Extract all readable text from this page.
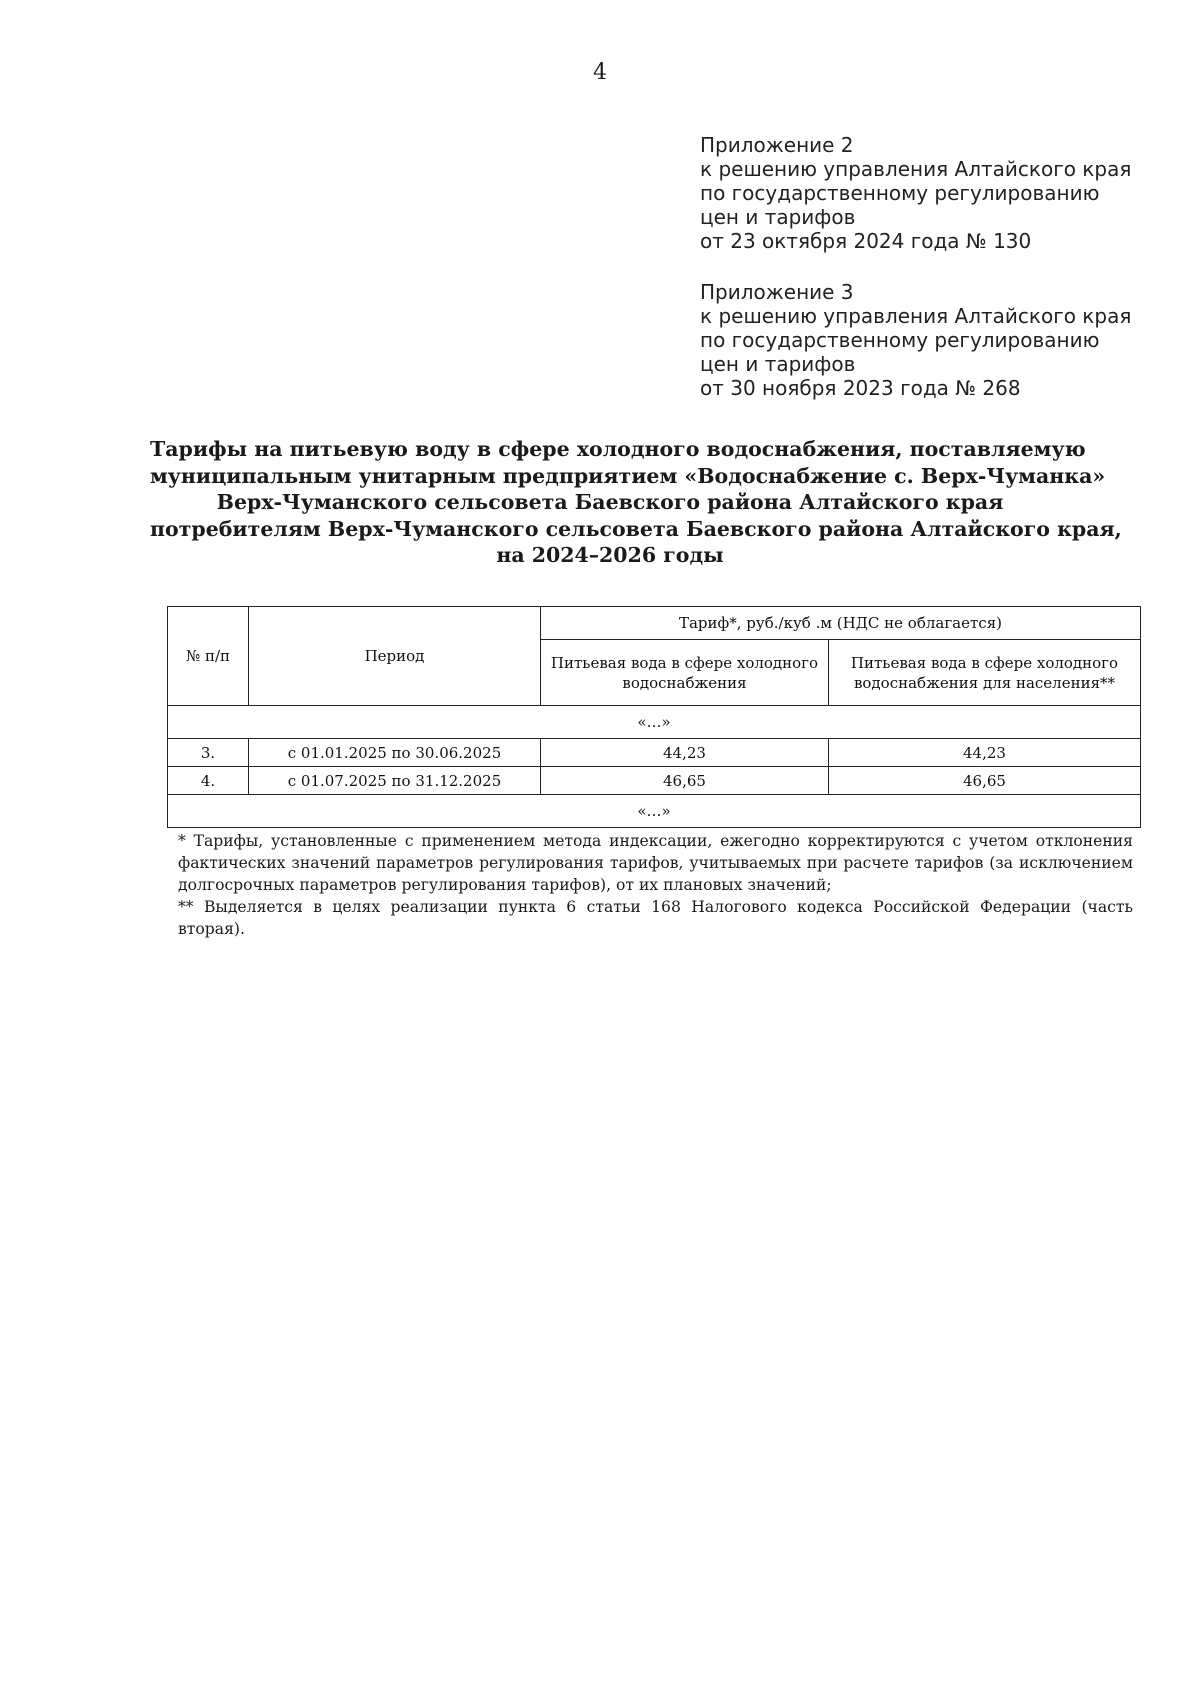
4
Приложение 2
к решению управления Алтайского края
по государственному регулированию
цен и тарифов
от 23 октября 2024 года № 130
Приложение 3
к решению управления Алтайского края
по государственному регулированию
цен и тарифов
от 30 ноября 2023 года № 268
Тарифы на питьевую воду в сфере холодного водоснабжения, поставляемую
муниципальным унитарным предприятием «Водоснабжение с. Верх-Чуманка»
Верх-Чуманского сельсовета Баевского района Алтайского края
потребителям Верх-Чуманского сельсовета Баевского района Алтайского края,
на 2024–2026 годы
№ п/п	Период	Тариф*, руб./куб .м (НДС не облагается)	
		Питьевая вода в сфере холодного водоснабжения	Питьевая вода в сфере холодного водоснабжения для населения**
«…»			
3.	с 01.01.2025 по 30.06.2025	44,23	44,23
4.	с 01.07.2025 по 31.12.2025	46,65	46,65
«…»			

* Тарифы, установленные с применением метода индексации, ежегодно корректируются с учетом отклонения фактических значений параметров регулирования тарифов, учитываемых при расчете тарифов (за исключением долгосрочных параметров регулирования тарифов), от их плановых значений;

** Выделяется в целях реализации пункта 6 статьи 168 Налогового кодекса Российской Федерации (часть вторая).
